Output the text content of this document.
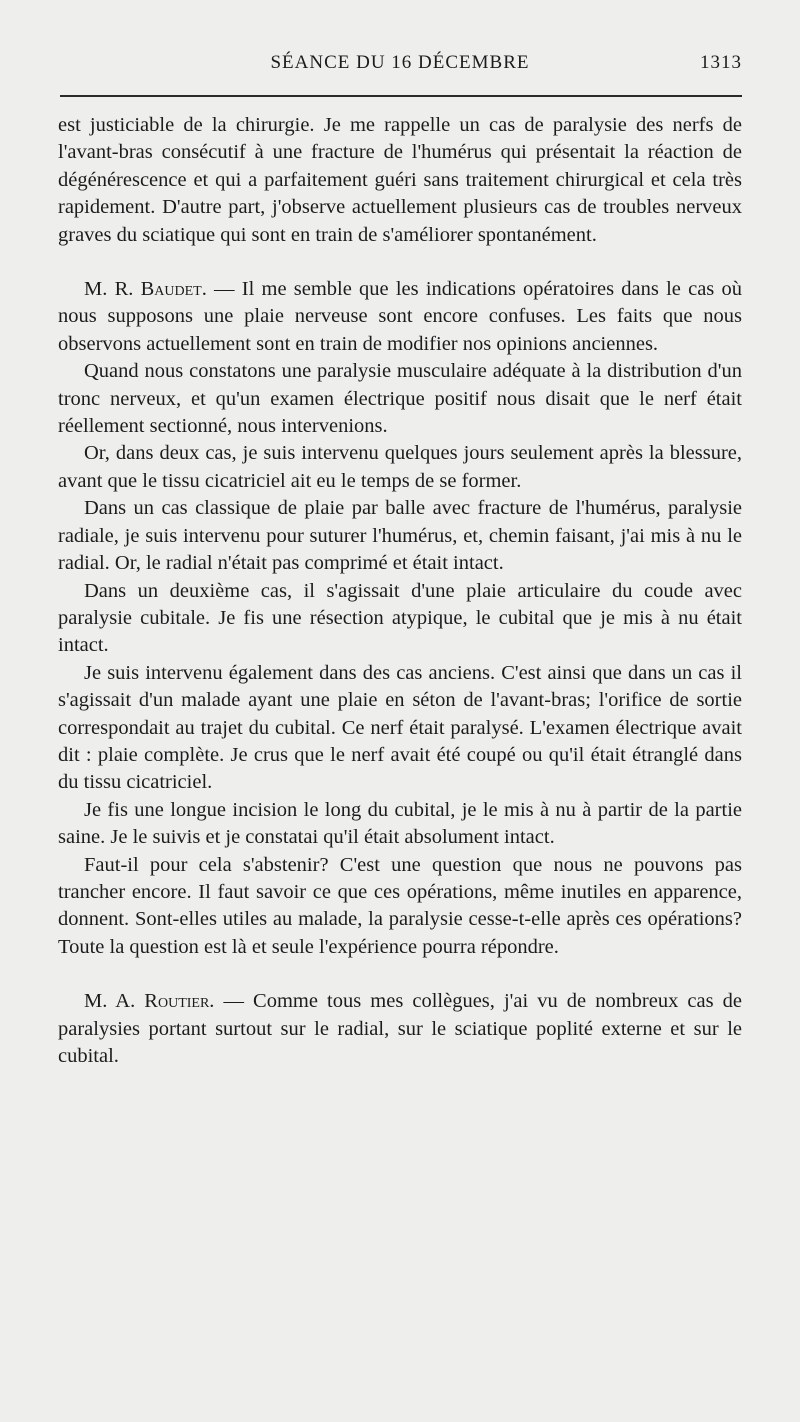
SÉANCE DU 16 DÉCEMBRE	1313

est justiciable de la chirurgie. Je me rappelle un cas de paralysie des nerfs de l'avant-bras consécutif à une fracture de l'humérus qui présentait la réaction de dégénérescence et qui a parfaitement guéri sans traitement chirurgical et cela très rapidement. D'autre part, j'observe actuellement plusieurs cas de troubles nerveux graves du sciatique qui sont en train de s'améliorer spontanément.

M. R. Baudet. — Il me semble que les indications opératoires dans le cas où nous supposons une plaie nerveuse sont encore confuses. Les faits que nous observons actuellement sont en train de modifier nos opinions anciennes.

Quand nous constatons une paralysie musculaire adéquate à la distribution d'un tronc nerveux, et qu'un examen électrique positif nous disait que le nerf était réellement sectionné, nous intervenions.

Or, dans deux cas, je suis intervenu quelques jours seulement après la blessure, avant que le tissu cicatriciel ait eu le temps de se former.

Dans un cas classique de plaie par balle avec fracture de l'humérus, paralysie radiale, je suis intervenu pour suturer l'humérus, et, chemin faisant, j'ai mis à nu le radial. Or, le radial n'était pas comprimé et était intact.

Dans un deuxième cas, il s'agissait d'une plaie articulaire du coude avec paralysie cubitale. Je fis une résection atypique, le cubital que je mis à nu était intact.

Je suis intervenu également dans des cas anciens. C'est ainsi que dans un cas il s'agissait d'un malade ayant une plaie en séton de l'avant-bras; l'orifice de sortie correspondait au trajet du cubital. Ce nerf était paralysé. L'examen électrique avait dit : plaie complète. Je crus que le nerf avait été coupé ou qu'il était étranglé dans du tissu cicatriciel.

Je fis une longue incision le long du cubital, je le mis à nu à partir de la partie saine. Je le suivis et je constatai qu'il était absolument intact.

Faut-il pour cela s'abstenir? C'est une question que nous ne pouvons pas trancher encore. Il faut savoir ce que ces opérations, même inutiles en apparence, donnent. Sont-elles utiles au malade, la paralysie cesse-t-elle après ces opérations? Toute la question est là et seule l'expérience pourra répondre.

M. A. Routier. — Comme tous mes collègues, j'ai vu de nombreux cas de paralysies portant surtout sur le radial, sur le sciatique poplité externe et sur le cubital.
